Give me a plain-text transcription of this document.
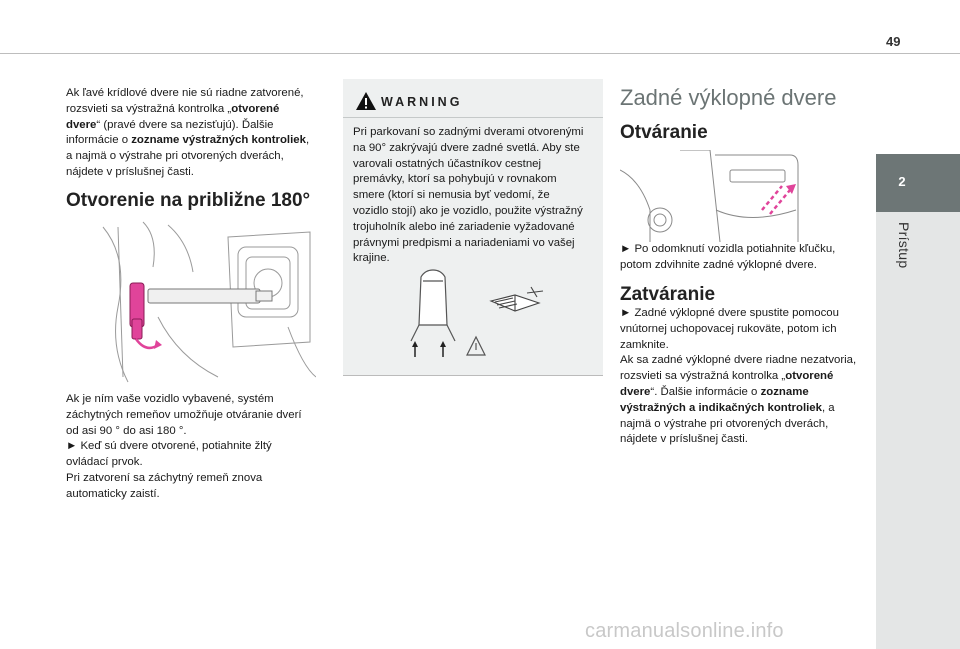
49
2
Prístup

Ak ľavé krídlové dvere nie sú riadne zatvorené,
rozsvieti sa výstražná kontrolka „otvorené
dvere“ (pravé dvere sa nezisťujú). Ďalšie
informácie o zozname výstražných kontroliek,
a najmä o výstrahe pri otvorených dverách,
nájdete v príslušnej časti.

Otvorenie na približne 180°

Ak je ním vaše vozidlo vybavené, systém
záchytných remeňov umožňuje otváranie dverí
od asi 90 ° do asi 180 °.
► Keď sú dvere otvorené, potiahnite žltý
ovládací prvok.
Pri zatvorení sa záchytný remeň znova
automaticky zaistí.

WARNING

Pri parkovaní so zadnými dverami otvorenými
na 90° zakrývajú dvere zadné svetlá. Aby ste
varovali ostatných účastníkov cestnej
premávky, ktorí sa pohybujú v rovnakom
smere (ktorí si nemusia byť vedomí, že
vozidlo stojí) ako je vozidlo, použite výstražný
trojuholník alebo iné zariadenie vyžadované
právnymi predpismi a nariadeniami vo vašej
krajine.

Zadné výklopné dvere
Otváranie

► Po odomknutí vozidla potiahnite kľučku,
potom zdvihnite zadné výklopné dvere.

Zatváranie

► Zadné výklopné dvere spustite pomocou
vnútornej uchopovacej rukoväte, potom ich
zamknite.
Ak sa zadné výklopné dvere riadne nezatvoria,
rozsvieti sa výstražná kontrolka „otvorené
dvere“. Ďalšie informácie o zozname
výstražných a indikačných kontroliek, a
najmä o výstrahe pri otvorených dverách,
nájdete v príslušnej časti.

carmanualsonline.info
